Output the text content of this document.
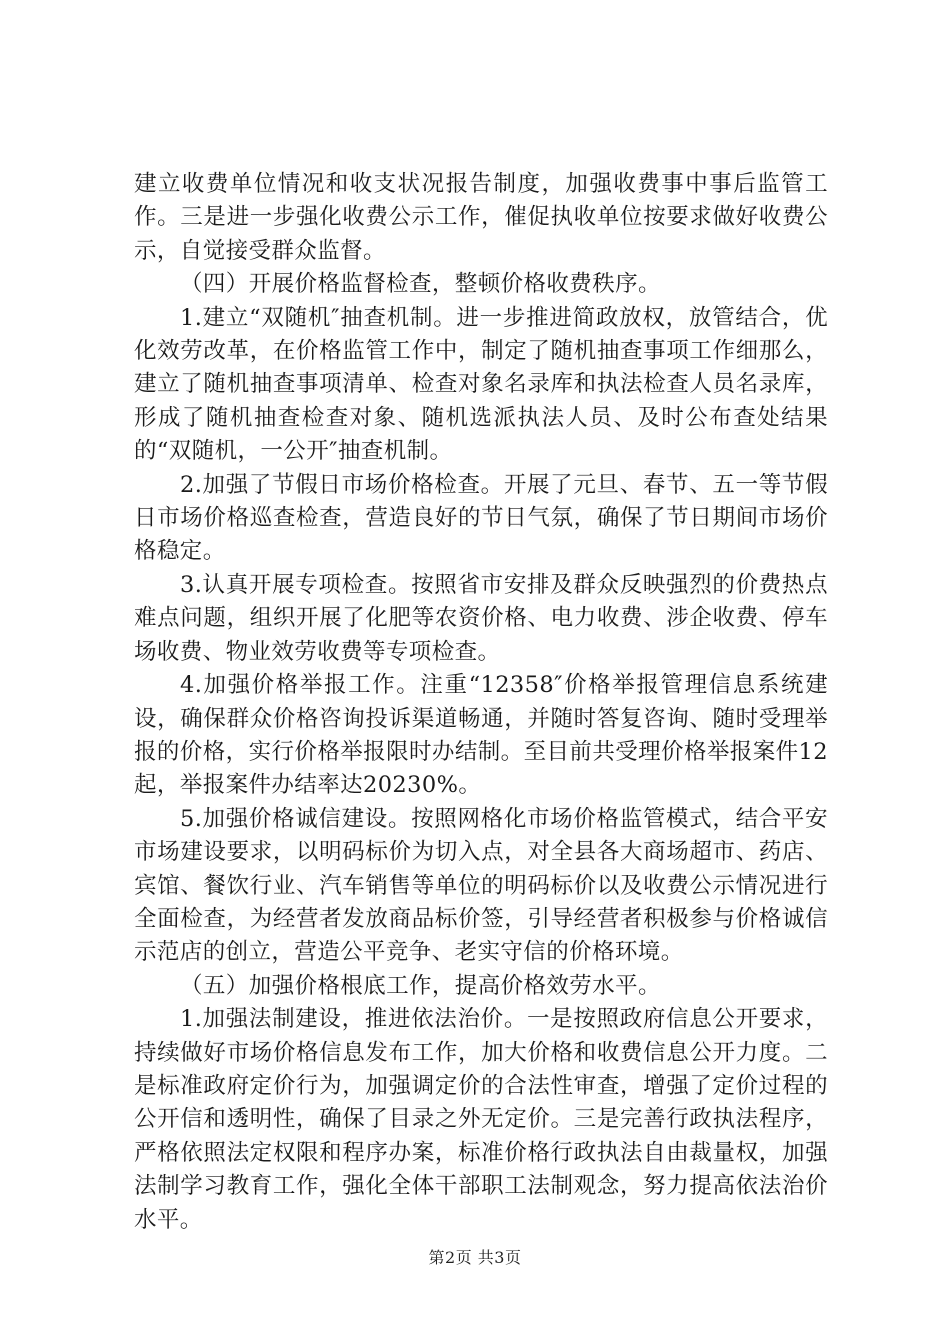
建立收费单位情况和收支状况报告制度，加强收费事中事后监管工作。三是进一步强化收费公示工作，催促执收单位按要求做好收费公示，自觉接受群众监督。

（四）开展价格监督检查，整顿价格收费秩序。

1.建立“双随机″抽查机制。进一步推进简政放权，放管结合，优化效劳改革，在价格监管工作中，制定了随机抽查事项工作细那么，建立了随机抽查事项清单、检查对象名录库和执法检查人员名录库，形成了随机抽查检查对象、随机选派执法人员、及时公布查处结果的“双随机，一公开″抽查机制。

2.加强了节假日市场价格检查。开展了元旦、春节、五一等节假日市场价格巡查检查，营造良好的节日气氛，确保了节日期间市场价格稳定。

3.认真开展专项检查。按照省市安排及群众反映强烈的价费热点难点问题，组织开展了化肥等农资价格、电力收费、涉企收费、停车场收费、物业效劳收费等专项检查。

4.加强价格举报工作。注重“12358″价格举报管理信息系统建设，确保群众价格咨询投诉渠道畅通，并随时答复咨询、随时受理举报的价格，实行价格举报限时办结制。至目前共受理价格举报案件12起，举报案件办结率达20230%。

5.加强价格诚信建设。按照网格化市场价格监管模式，结合平安市场建设要求，以明码标价为切入点，对全县各大商场超市、药店、宾馆、餐饮行业、汽车销售等单位的明码标价以及收费公示情况进行全面检查，为经营者发放商品标价签，引导经营者积极参与价格诚信示范店的创立，营造公平竞争、老实守信的价格环境。

（五）加强价格根底工作，提高价格效劳水平。

1.加强法制建设，推进依法治价。一是按照政府信息公开要求，持续做好市场价格信息发布工作，加大价格和收费信息公开力度。二是标准政府定价行为，加强调定价的合法性审查，增强了定价过程的公开信和透明性，确保了目录之外无定价。三是完善行政执法程序，严格依照法定权限和程序办案，标准价格行政执法自由裁量权，加强法制学习教育工作，强化全体干部职工法制观念，努力提高依法治价水平。

第2页 共3页
